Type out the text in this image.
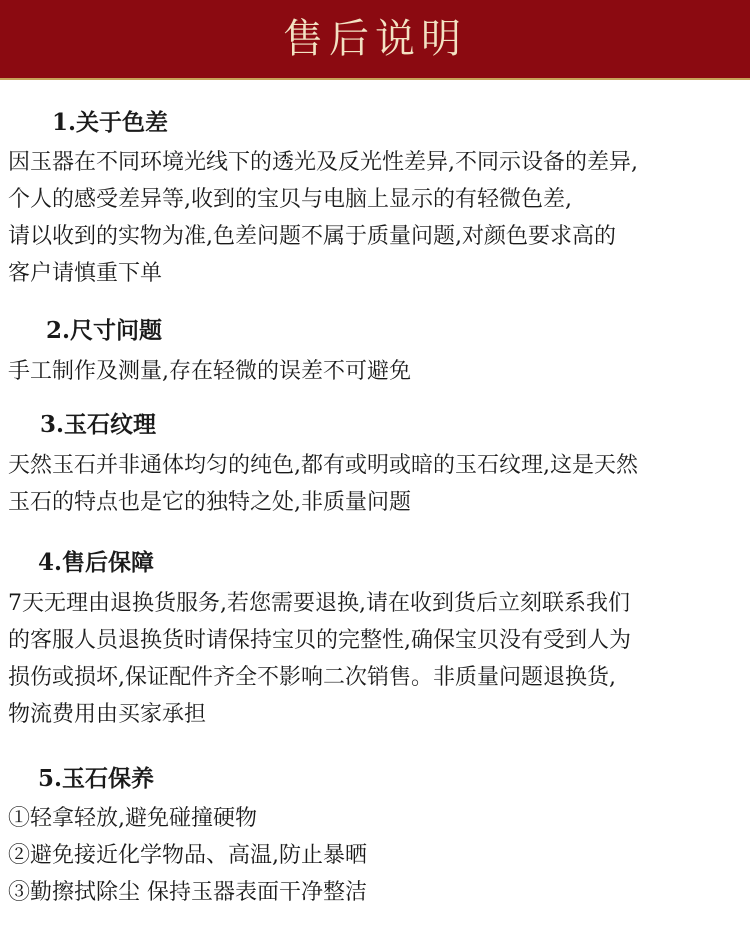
售后说明
1.关于色差
因玉器在不同环境光线下的透光及反光性差异,不同示设备的差异,
个人的感受差异等,收到的宝贝与电脑上显示的有轻微色差,
请以收到的实物为准,色差问题不属于质量问题,对颜色要求高的
客户请慎重下单
2.尺寸问题
手工制作及测量,存在轻微的误差不可避免
3.玉石纹理
天然玉石并非通体均匀的纯色,都有或明或暗的玉石纹理,这是天然
玉石的特点也是它的独特之处,非质量问题
4.售后保障
7天无理由退换货服务,若您需要退换,请在收到货后立刻联系我们
的客服人员退换货时请保持宝贝的完整性,确保宝贝没有受到人为
损伤或损坏,保证配件齐全不影响二次销售。非质量问题退换货,
物流费用由买家承担
5.玉石保养
①轻拿轻放,避免碰撞硬物
②避免接近化学物品、高温,防止暴晒
③勤擦拭除尘 保持玉器表面干净整洁
